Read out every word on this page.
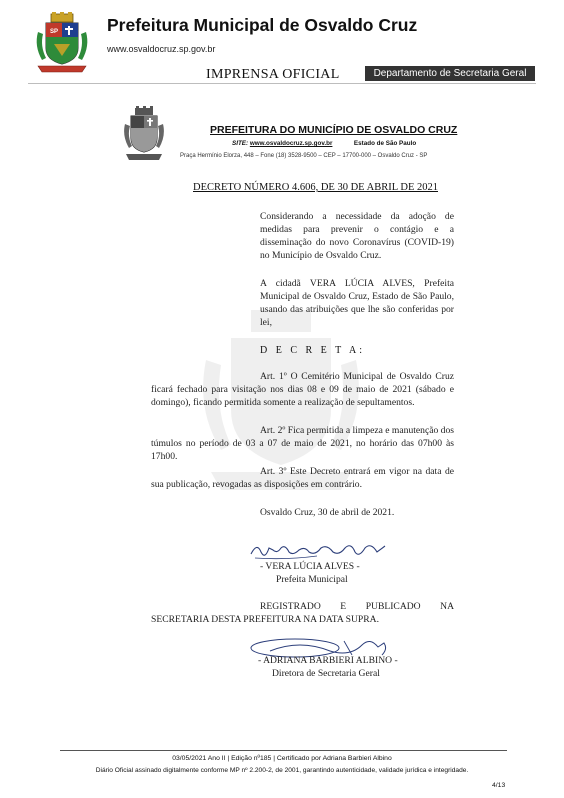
SP	Prefeitura Municipal de Osvaldo Cruz
www.osvaldocruz.sp.gov.br
IMPRENSA OFICIAL	Departamento de Secretaria Geral
PREFEITURA DO MUNICÍPIO DE OSVALDO CRUZ
SITE: www.osvaldocruz.sp.gov.br	Estado de São Paulo
Praça Hermínio Elorza, 448 – Fone (18) 3528-9500 – CEP – 17700-000 – Osvaldo Cruz - SP
DECRETO NÚMERO 4.606, DE 30 DE ABRIL DE 2021
Considerando a necessidade da adoção de medidas para prevenir o contágio e a disseminação do novo Coronavírus (COVID-19) no Município de Osvaldo Cruz.
A cidadã VERA LÚCIA ALVES, Prefeita Municipal de Osvaldo Cruz, Estado de São Paulo, usando das atribuições que lhe são conferidas por lei,
D E C R E T A:
Art. 1º O Cemitério Municipal de Osvaldo Cruz ficará fechado para visitação nos dias 08 e 09 de maio de 2021 (sábado e domingo), ficando permitida somente a realização de sepultamentos.
Art. 2º Fica permitida a limpeza e manutenção dos túmulos no período de 03 a 07 de maio de 2021, no horário das 07h00 às 17h00.
Art. 3º Este Decreto entrará em vigor na data de sua publicação, revogadas as disposições em contrário.
Osvaldo Cruz, 30 de abril de 2021.
- VERA LÚCIA ALVES -
Prefeita Municipal
REGISTRADO E PUBLICADO NA
SECRETARIA DESTA PREFEITURA NA DATA SUPRA.
- ADRIANA BARBIERI ALBINO -
Diretora de Secretaria Geral
03/05/2021 Ano II | Edição nº185 | Certificado por Adriana Barbieri Albino
Diário Oficial assinado digitalmente conforme MP nº 2.200-2, de 2001, garantindo autenticidade, validade jurídica e integridade.
4/13
